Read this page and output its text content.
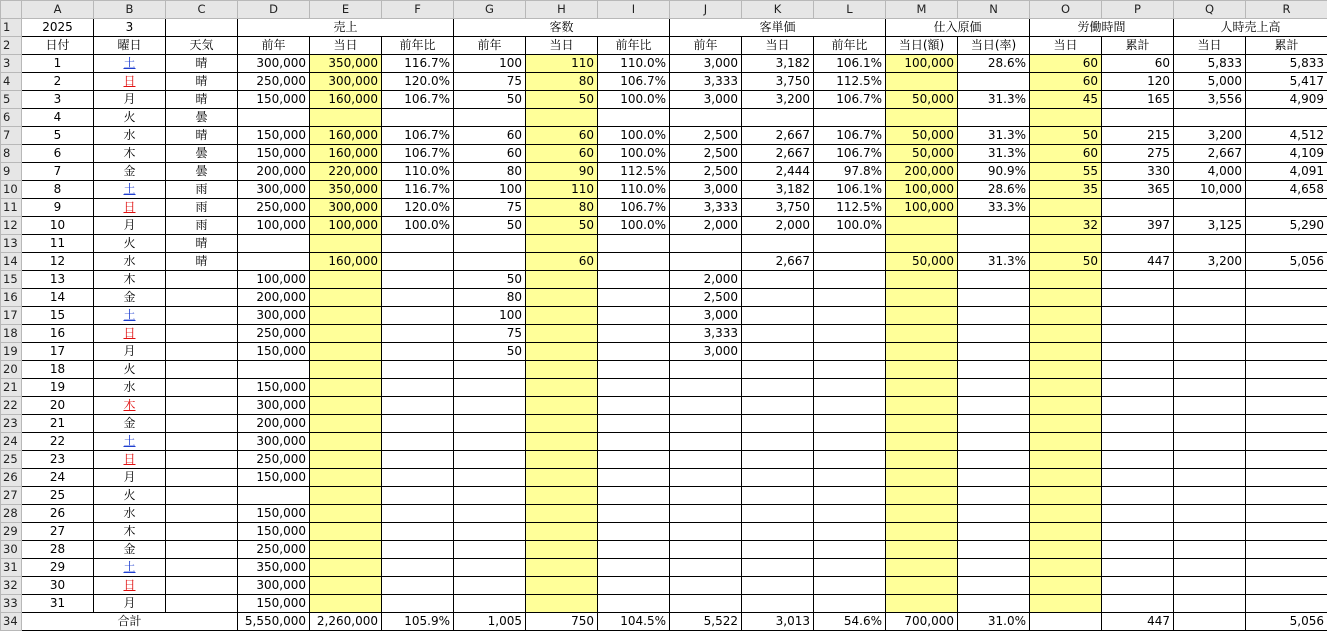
	A	B	C	D	E	F	G	H	I	J	K	L	M	N	O	P	Q	R
1	2025	3		売上			客数			客単価			仕入原価		労働時間		人時売上高	
2	日付	曜日	天気	前年	当日	前年比	前年	当日	前年比	前年	当日	前年比	当日(額)	当日(率)	当日	累計	当日	累計
3	1	土	晴	300,000	350,000	116.7%	100	110	110.0%	3,000	3,182	106.1%	100,000	28.6%	60	60	5,833	5,833
4	2	日	晴	250,000	300,000	120.0%	75	80	106.7%	3,333	3,750	112.5%			60	120	5,000	5,417
5	3	月	晴	150,000	160,000	106.7%	50	50	100.0%	3,000	3,200	106.7%	50,000	31.3%	45	165	3,556	4,909
6	4	火	曇															
7	5	水	晴	150,000	160,000	106.7%	60	60	100.0%	2,500	2,667	106.7%	50,000	31.3%	50	215	3,200	4,512
8	6	木	曇	150,000	160,000	106.7%	60	60	100.0%	2,500	2,667	106.7%	50,000	31.3%	60	275	2,667	4,109
9	7	金	曇	200,000	220,000	110.0%	80	90	112.5%	2,500	2,444	97.8%	200,000	90.9%	55	330	4,000	4,091
10	8	土	雨	300,000	350,000	116.7%	100	110	110.0%	3,000	3,182	106.1%	100,000	28.6%	35	365	10,000	4,658
11	9	日	雨	250,000	300,000	120.0%	75	80	106.7%	3,333	3,750	112.5%	100,000	33.3%				
12	10	月	雨	100,000	100,000	100.0%	50	50	100.0%	2,000	2,000	100.0%			32	397	3,125	5,290
13	11	火	晴															
14	12	水	晴		160,000			60			2,667		50,000	31.3%	50	447	3,200	5,056
15	13	木		100,000			50			2,000								
16	14	金		200,000			80			2,500								
17	15	土		300,000			100			3,000								
18	16	日		250,000			75			3,333								
19	17	月		150,000			50			3,000								
20	18	火																
21	19	水		150,000														
22	20	木		300,000														
23	21	金		200,000														
24	22	土		300,000														
25	23	日		250,000														
26	24	月		150,000														
27	25	火																
28	26	水		150,000														
29	27	木		150,000														
30	28	金		250,000														
31	29	土		350,000														
32	30	日		300,000														
33	31	月		150,000														
34	合計			5,550,000	2,260,000	105.9%	1,005	750	104.5%	5,522	3,013	54.6%	700,000	31.0%		447		5,056
